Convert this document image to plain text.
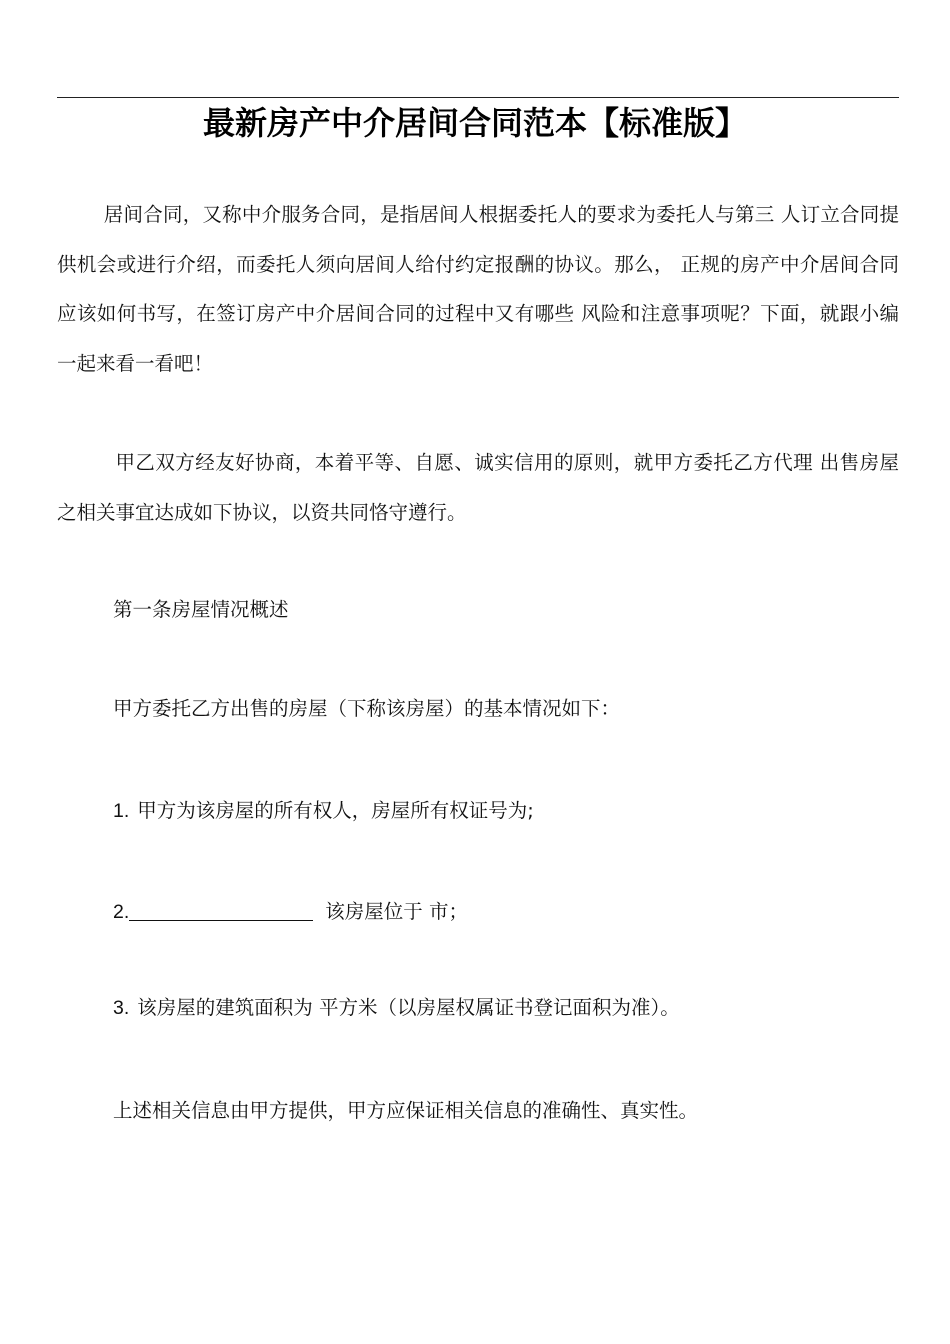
最新房产中介居间合同范本【标准版】

居间合同，又称中介服务合同，是指居间人根据委托人的要求为委托人与第三 人订立合同提供机会或进行介绍，而委托人须向居间人给付约定报酬的协议。那么， 正规的房产中介居间合同应该如何书写，在签订房产中介居间合同的过程中又有哪些 风险和注意事项呢？下面，就跟小编一起来看一看吧！

甲乙双方经友好协商，本着平等、自愿、诚实信用的原则，就甲方委托乙方代理 出售房屋之相关事宜达成如下协议，以资共同恪守遵行。

第一条房屋情况概述
甲方委托乙方出售的房屋（下称该房屋）的基本情况如下：
1. 甲方为该房屋的所有权人，房屋所有权证号为;
2.	该房屋位于 市；
3. 该房屋的建筑面积为 平方米（以房屋权属证书登记面积为准）。
上述相关信息由甲方提供，甲方应保证相关信息的准确性、真实性。
